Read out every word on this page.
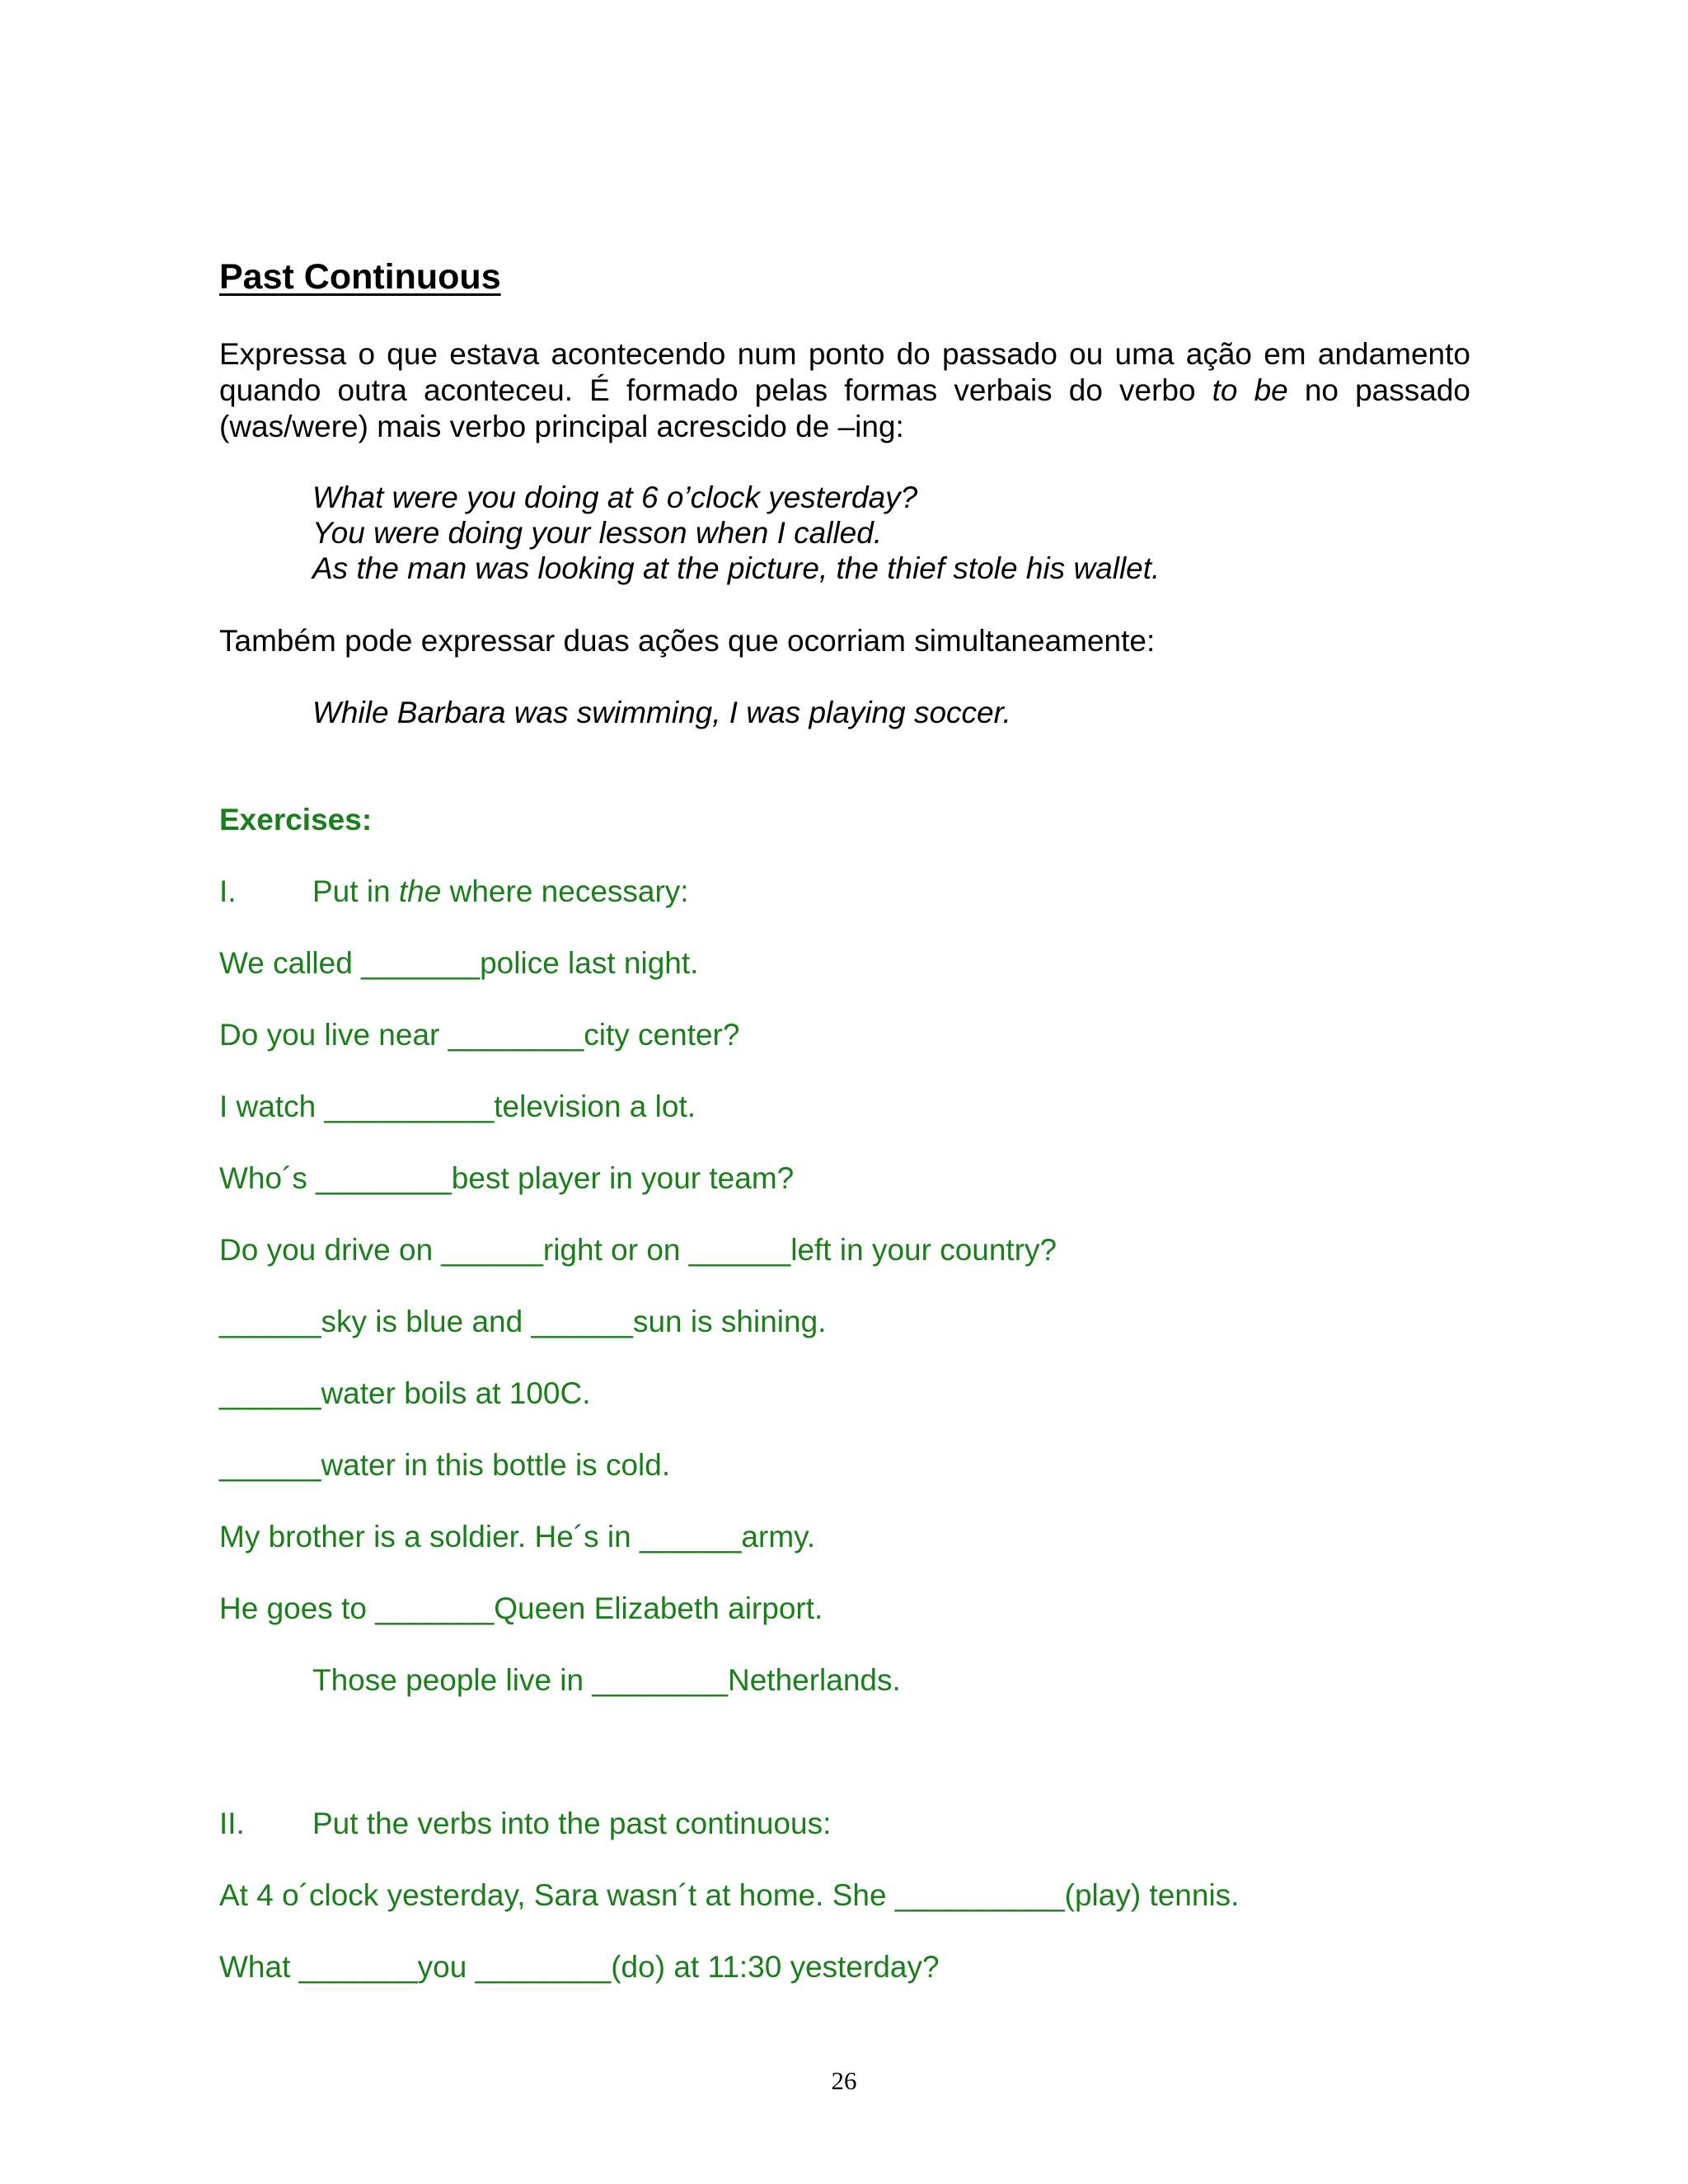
Past Continuous
Expressa o que estava acontecendo num ponto do passado ou uma ação em andamento quando outra aconteceu. É formado pelas formas verbais do verbo to be no passado (was/were) mais verbo principal acrescido de –ing:
What were you doing at 6 o’clock yesterday?
You were doing your lesson when I called.
As the man was looking at the picture, the thief stole his wallet.
Também pode expressar duas ações que ocorriam simultaneamente:
While Barbara was swimming, I was playing soccer.
Exercises:
I. Put in the where necessary:
We called _______police last night.
Do you live near ________city center?
I watch __________television a lot.
Who´s ________best player in your team?
Do you drive on ______right or on ______left in your country?
______sky is blue and ______sun is shining.
______water boils at 100C.
______water in this bottle is cold.
My brother is a soldier. He´s in ______army.
He goes to _______Queen Elizabeth airport.
Those people live in ________Netherlands.
II. Put the verbs into the past continuous:
At 4 o´clock yesterday, Sara wasn´t at home. She __________(play) tennis.
What _______you ________(do) at 11:30 yesterday?
26
